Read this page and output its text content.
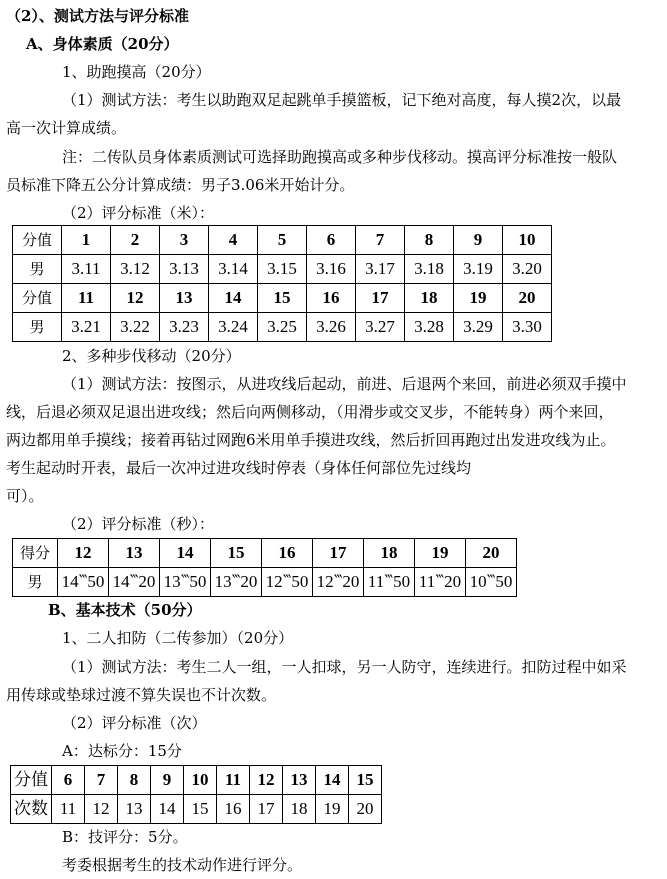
（2）、测试方法与评分标准
A、身体素质（20分）
1、助跑摸高（20分）
（1）测试方法：考生以助跑双足起跳单手摸篮板，记下绝对高度，每人摸2次，以最
高一次计算成绩。
注：二传队员身体素质测试可选择助跑摸高或多种步伐移动。摸高评分标准按一般队
员标准下降五公分计算成绩：男子3.06米开始计分。
（2）评分标准（米）：
分值	1	2	3	4	5	6	7	8	9	10
男	3.11	3.12	3.13	3.14	3.15	3.16	3.17	3.18	3.19	3.20
分值	11	12	13	14	15	16	17	18	19	20
男	3.21	3.22	3.23	3.24	3.25	3.26	3.27	3.28	3.29	3.30
2、多种步伐移动（20分）
（1）测试方法：按图示，从进攻线后起动，前进、后退两个来回，前进必须双手摸中
线，后退必须双足退出进攻线；然后向两侧移动，（用滑步或交叉步，不能转身）两个来回，
两边都用单手摸线；接着再钻过网跑6米用单手摸进攻线，然后折回再跑过出发进攻线为止。
考生起动时开表，最后一次冲过进攻线时停表（身体任何部位先过线均
可）。
（2）评分标准（秒）：
得分	12	13	14	15	16	17	18	19	20
男	14‷50	14‷20	13‷50	13‷20	12‷50	12‷20	11‷50	11‷20	10‷50
B、基本技术（50分）
1、二人扣防（二传参加）（20分）
（1）测试方法：考生二人一组，一人扣球，另一人防守，连续进行。扣防过程中如采
用传球或垫球过渡不算失误也不计次数。
（2）评分标准（次）
A：达标分：15分
分值	6	7	8	9	10	11	12	13	14	15
次数	11	12	13	14	15	16	17	18	19	20
B：技评分：5分。
考委根据考生的技术动作进行评分。
